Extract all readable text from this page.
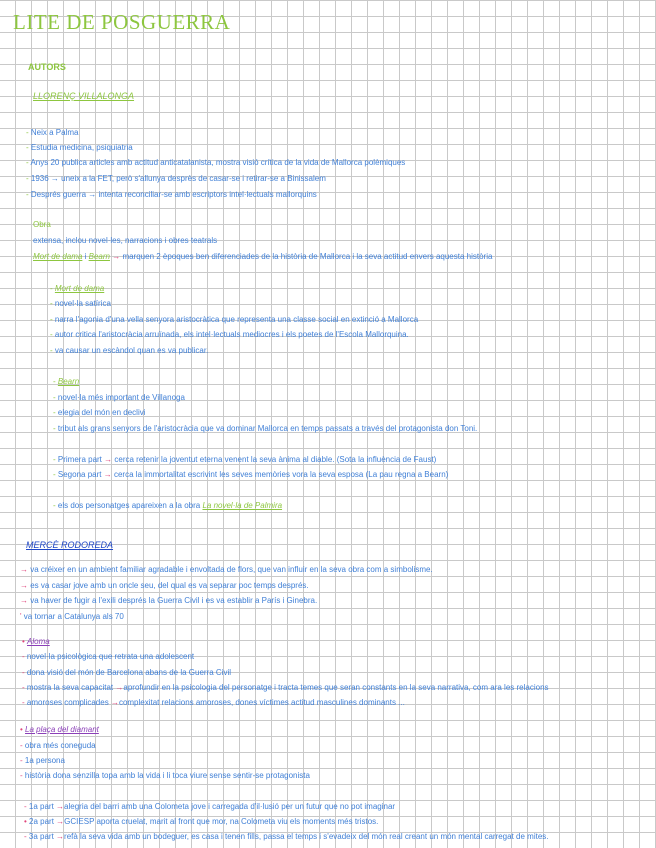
LITE DE POSGUERRA
AUTORS
LLORENÇ VILLALONGA
- Neix a Palma
- Estudia medicina, psiquiatria
- Anys 20 publica articles amb actitud anticatalanista, mostra visió crítica de la vida de Mallorca polèmiques
- 1936 → uneix a la FET, però s'allunya desprès de casar-se i retirar-se a Binissalem
- Després guerra → intenta reconciliar-se amb escriptors intel·lectuals mallorquins
Obra
extensa, inclou novel·les, narracions i obres teatrals
Mort de dama i Bearn → marquen 2 èpoques ben diferenciades de la història de Mallorca i la seva actitud envers aquesta història
- Mort de dama
- novel·la satírica
- narra l'agonia d'una vella senyora aristocràtica que representa una classe social en extinció a Mallorca
- autor critica l'aristocràcia arruïnada, els intel·lectuals mediocres i els poetes de l'Escola Mallorquina.
- va causar un escàndol quan es va publicar.
- Bearn
- novel·la més important de Villanoga
- elegia del món en declivi
- tribut als grans senyors de l'aristocràcia que va dominar Mallorca en temps passats a través del protagonista don Toni.
- Primera part → cerca retenir la joventut eterna venent la seva ànima al diable. (Sota la influència de Faust)
- Segona part → cerca la immortalitat escrivint les seves memòries vora la seva esposa (La pau regna a Bearn)
- els dos personatges apareixen a la obra La novel·la de Palmira
MERCÈ RODOREDA
→ va créixer en un ambient familiar agradable i envoltada de flors, que van influir en la seva obra com a simbolisme.
→ es va casar jove amb un oncle seu, del qual es va separar poc temps després.
→ va haver de fugir a l'exili després la Guerra Civil i es va establir a París i Ginebra.
' va tornar a Catalunya als 70
• Aloma
- novel·la psicològica que retrata una adolescent
- dona visió del món de Barcelona abans de la Guerra Civil
- mostra la seva capacitat →aprofundir en la psicologia del personatge i tracta temes que seran constants en la seva narrativa, com ara les relacions
- amoroses complicades →complexitat relacions amoroses, dones víctimes actitud masculines dominants ...
• La plaça del diamant
- obra més coneguda
- 1a persona
- història dona senzilla topa amb la vida i li toca viure sense sentir-se protagonista
- 1a part →alegria del barri amb una Colometa jove i carregada d'il·lusió per un futur que no pot imaginar
• 2a part →GCIESP aporta cruelat, marit al front que mor, na Colometa viu els moments més tristos.
- 3a part →refà la seva vida amb un bodeguer, es casa i tenen fills, passa el temps i s'evadeix del món real creant un món mental carregat de mites.
